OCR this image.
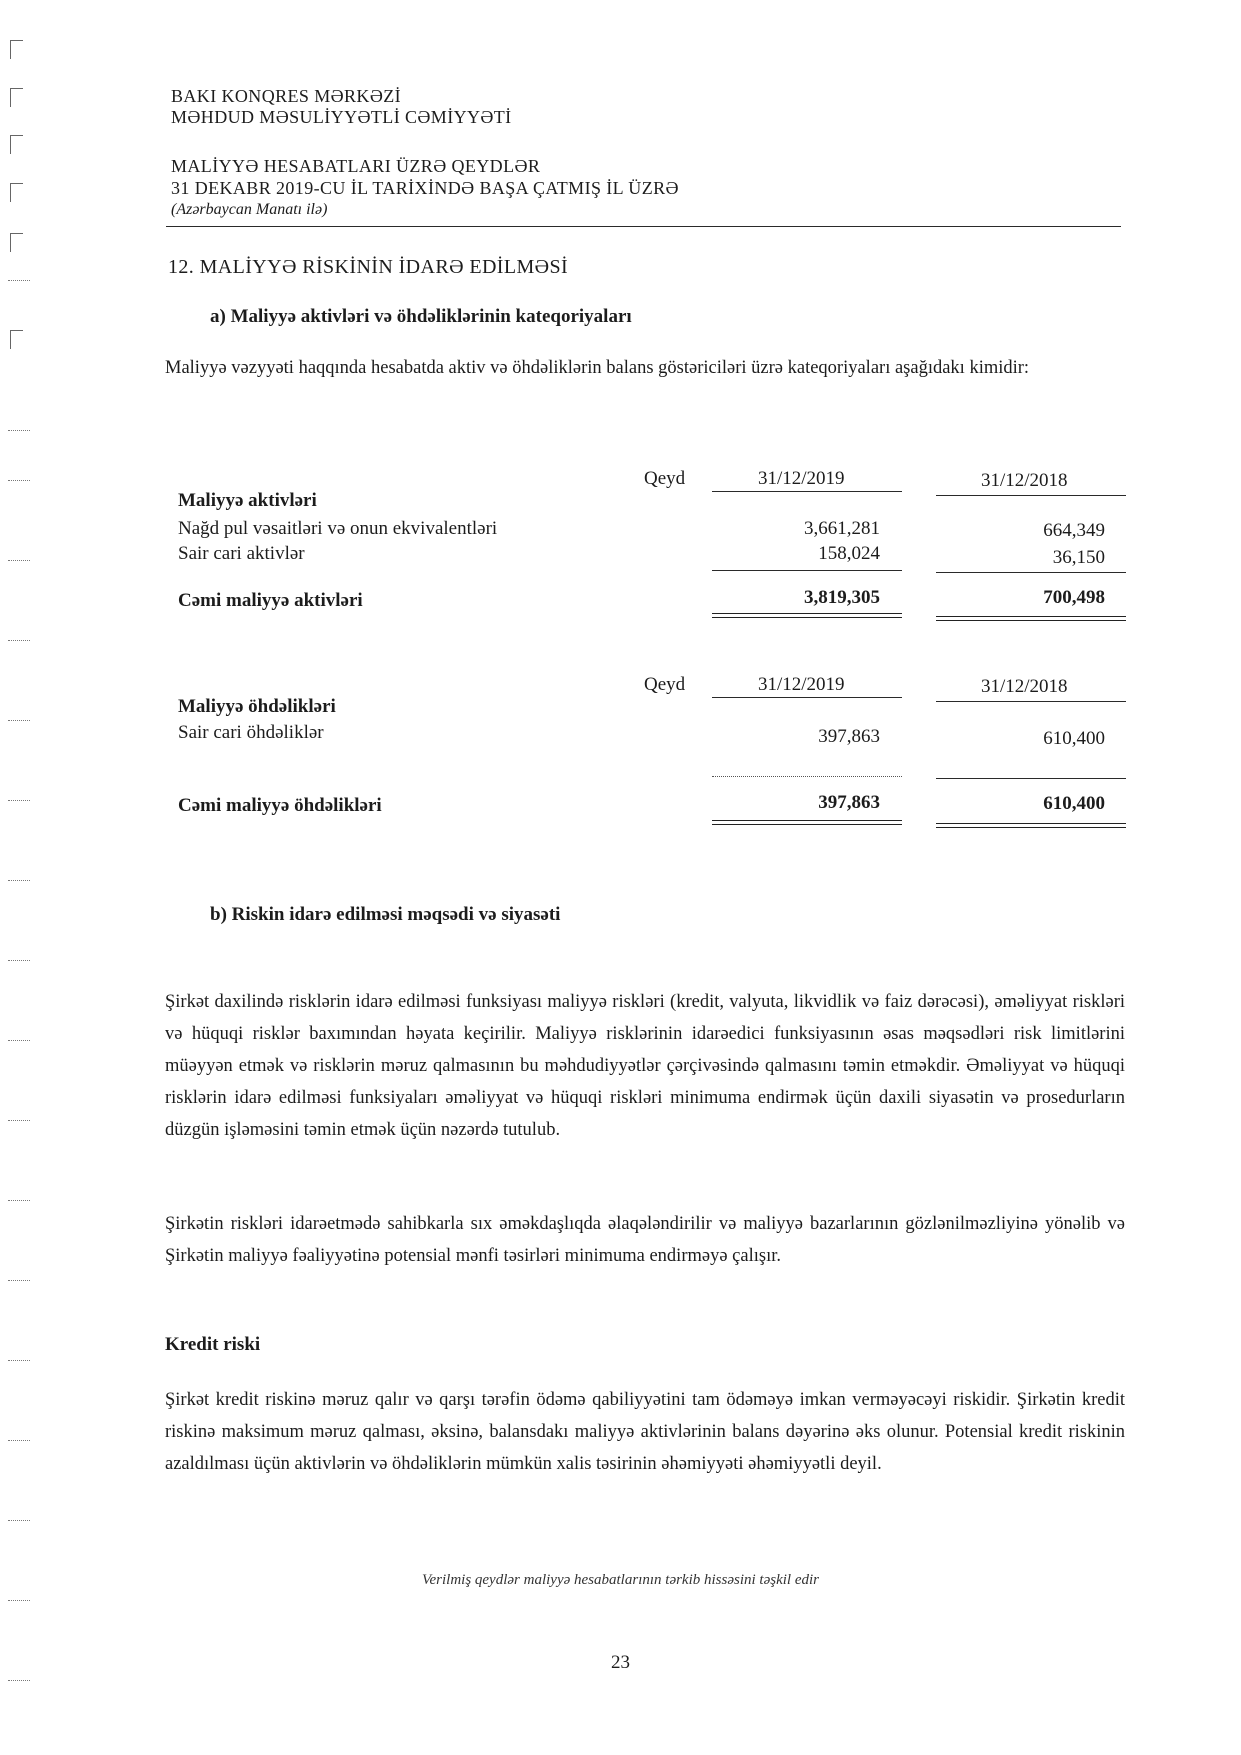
BAKI KONQRES MƏRKƏZİ
MƏHDUD MƏSULİYYƏTLİ CƏMİYYƏTİ
MALİYYƏ HESABATLARI ÜZRƏ QEYDLƏR
31 DEKABR 2019-CU İL TARİXİNDƏ BAŞA ÇATMIŞ İL ÜZRƏ
(Azərbaycan Manatı ilə)
12. MALİYYƏ RİSKİNİN İDARƏ EDİLMƏSİ
a) Maliyyə aktivləri və öhdəliklərinin kateqoriyaları
Maliyyə vəzyyəti haqqında hesabatda aktiv və öhdəliklərin balans göstəriciləri üzrə kateqoriyaları aşağıdakı kimidir:
Qeyd	31/12/2019	31/12/2018
Maliyyə aktivləri
Nağd pul vəsaitləri və onun ekvivalentləri	3,661,281	664,349
Sair cari aktivlər	158,024	36,150
Cəmi maliyyə aktivləri	3,819,305	700,498
Qeyd	31/12/2019	31/12/2018
Maliyyə öhdəlikləri
Sair cari öhdəliklər	397,863	610,400
Cəmi maliyyə öhdəlikləri	397,863	610,400
b) Riskin idarə edilməsi məqsədi və siyasəti
Şirkət daxilində risklərin idarə edilməsi funksiyası maliyyə riskləri (kredit, valyuta, likvidlik və faiz dərəcəsi), əməliyyat riskləri və hüquqi risklər baxımından həyata keçirilir. Maliyyə risklərinin idarəedici funksiyasının əsas məqsədləri risk limitlərini müəyyən etmək və risklərin məruz qalmasının bu məhdudiyyətlər çərçivəsində qalmasını təmin etməkdir. Əməliyyat və hüquqi risklərin idarə edilməsi funksiyaları əməliyyat və hüquqi riskləri minimuma endirmək üçün daxili siyasətin və prosedurların düzgün işləməsini təmin etmək üçün nəzərdə tutulub.
Şirkətin riskləri idarəetmədə sahibkarla sıx əməkdaşlıqda əlaqələndirilir və maliyyə bazarlarının gözlənilməzliyinə yönəlib və Şirkətin maliyyə fəaliyyətinə potensial mənfi təsirləri minimuma endirməyə çalışır.
Kredit riski
Şirkət kredit riskinə məruz qalır və qarşı tərəfin ödəmə qabiliyyətini tam ödəməyə imkan verməyəcəyi riskidir. Şirkətin kredit riskinə maksimum məruz qalması, əksinə, balansdakı maliyyə aktivlərinin balans dəyərinə əks olunur. Potensial kredit riskinin azaldılması üçün aktivlərin və öhdəliklərin mümkün xalis təsirinin əhəmiyyəti əhəmiyyətli deyil.
Verilmiş qeydlər maliyyə hesabatlarının tərkib hissəsini təşkil edir
23
